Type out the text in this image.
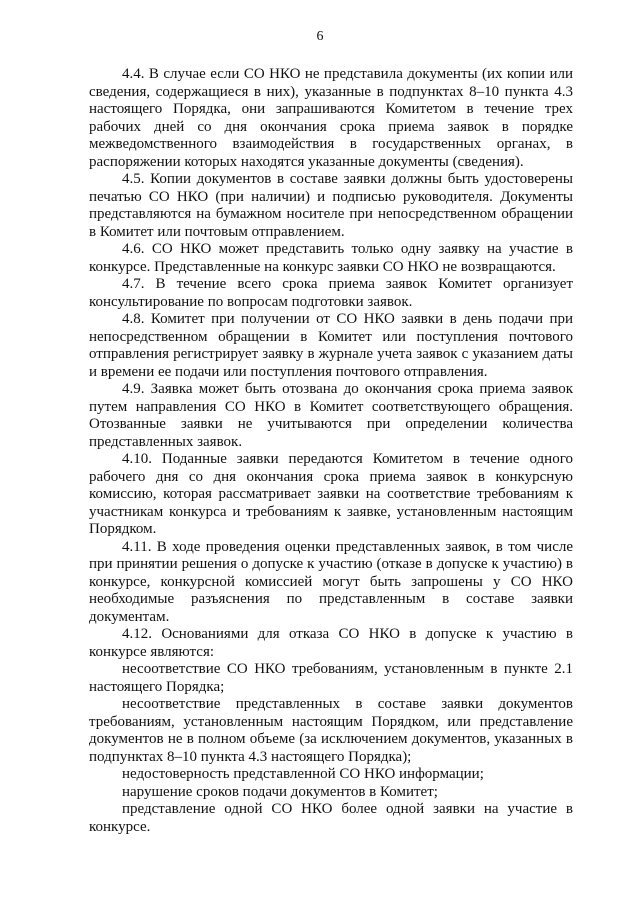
6

4.4. В случае если СО НКО не представила документы (их копии или сведения, содержащиеся в них), указанные в подпунктах 8–10 пункта 4.3 настоящего Порядка, они запрашиваются Комитетом в течение трех рабочих дней со дня окончания срока приема заявок в порядке межведомственного взаимодействия в государственных органах, в распоряжении которых находятся указанные документы (сведения).

4.5. Копии документов в составе заявки должны быть удостоверены печатью СО НКО (при наличии) и подписью руководителя. Документы представляются на бумажном носителе при непосредственном обращении в Комитет или почтовым отправлением.

4.6. СО НКО может представить только одну заявку на участие в конкурсе. Представленные на конкурс заявки СО НКО не возвращаются.

4.7. В течение всего срока приема заявок Комитет организует консультирование по вопросам подготовки заявок.

4.8. Комитет при получении от СО НКО заявки в день подачи при непосредственном обращении в Комитет или поступления почтового отправления регистрирует заявку в журнале учета заявок с указанием даты и времени ее подачи или поступления почтового отправления.

4.9. Заявка может быть отозвана до окончания срока приема заявок путем направления СО НКО в Комитет соответствующего обращения. Отозванные заявки не учитываются при определении количества представленных заявок.

4.10. Поданные заявки передаются Комитетом в течение одного рабочего дня со дня окончания срока приема заявок в конкурсную комиссию, которая рассматривает заявки на соответствие требованиям к участникам конкурса и требованиям к заявке, установленным настоящим Порядком.

4.11. В ходе проведения оценки представленных заявок, в том числе при принятии решения о допуске к участию (отказе в допуске к участию) в конкурсе, конкурсной комиссией могут быть запрошены у СО НКО необходимые разъяснения по представленным в составе заявки документам.

4.12. Основаниями для отказа СО НКО в допуске к участию в конкурсе являются:

несоответствие СО НКО требованиям, установленным в пункте 2.1 настоящего Порядка;

несоответствие представленных в составе заявки документов требованиям, установленным настоящим Порядком, или представление документов не в полном объеме (за исключением документов, указанных в подпунктах 8–10 пункта 4.3 настоящего Порядка);

недостоверность представленной СО НКО информации;

нарушение сроков подачи документов в Комитет;

представление одной СО НКО более одной заявки на участие в конкурсе.
